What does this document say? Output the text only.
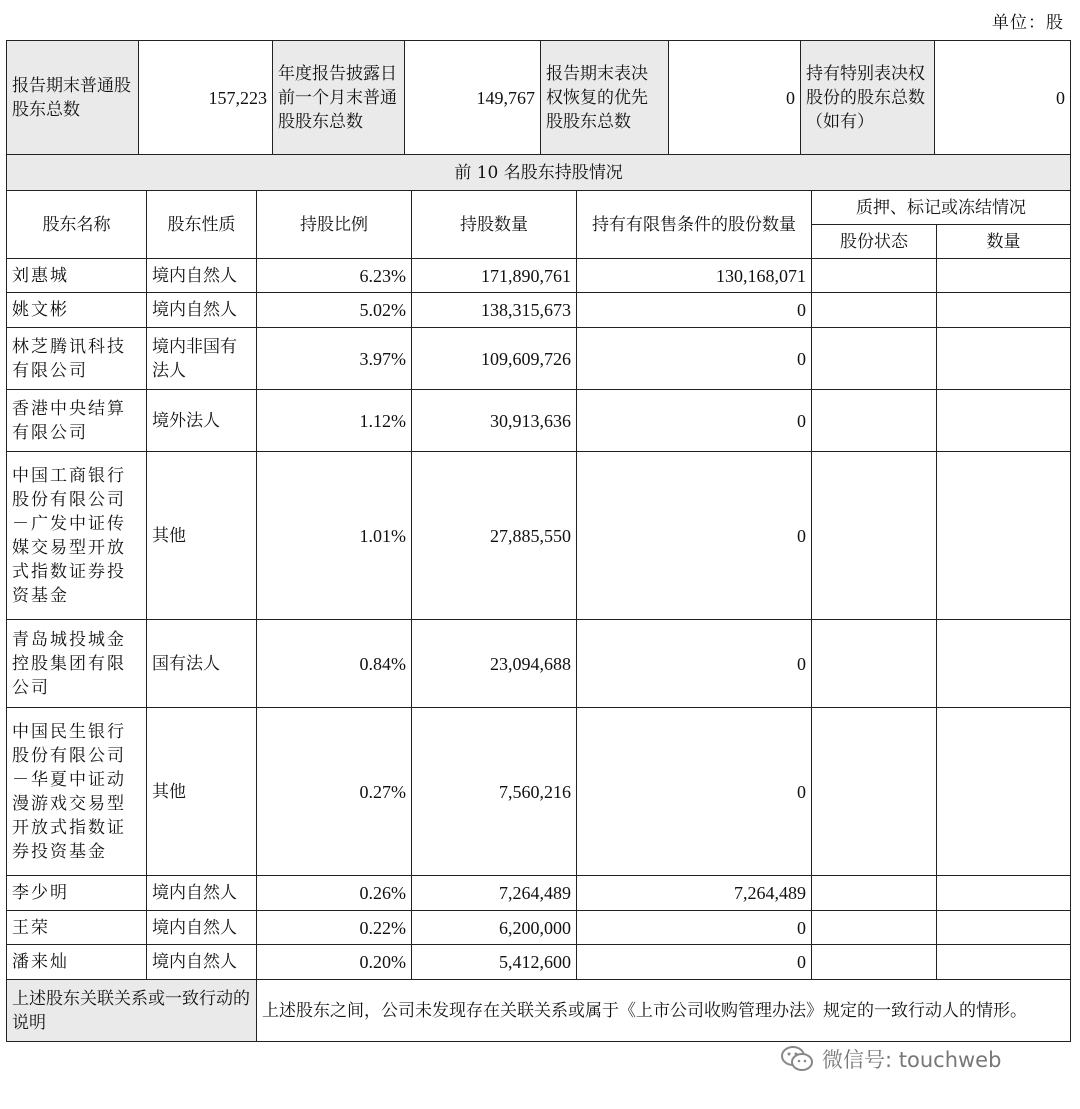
单位：股
报告期末普通股股东总数	157,223	年度报告披露日前一个月末普通股股东总数	149,767	报告期末表决权恢复的优先股股东总数	0	持有特别表决权股份的股东总数（如有）	0
前 10 名股东持股情况						
股东名称	股东性质	持股比例	持股数量	持有有限售条件的股份数量	质押、标记或冻结情况	
					股份状态	数量
刘惠城	境内自然人	6.23%	171,890,761	130,168,071		
姚文彬	境内自然人	5.02%	138,315,673	0		
林芝腾讯科技有限公司	境内非国有法人	3.97%	109,609,726	0		
香港中央结算有限公司	境外法人	1.12%	30,913,636	0		
中国工商银行股份有限公司－广发中证传媒交易型开放式指数证券投资基金	其他	1.01%	27,885,550	0		
青岛城投城金控股集团有限公司	国有法人	0.84%	23,094,688	0		
中国民生银行股份有限公司－华夏中证动漫游戏交易型开放式指数证券投资基金	其他	0.27%	7,560,216	0		
李少明	境内自然人	0.26%	7,264,489	7,264,489		
王荣	境内自然人	0.22%	6,200,000	0		
潘来灿	境内自然人	0.20%	5,412,600	0		
上述股东关联关系或一致行动的说明		上述股东之间，公司未发现存在关联关系或属于《上市公司收购管理办法》规定的一致行动人的情形。				
微信号: touchweb
